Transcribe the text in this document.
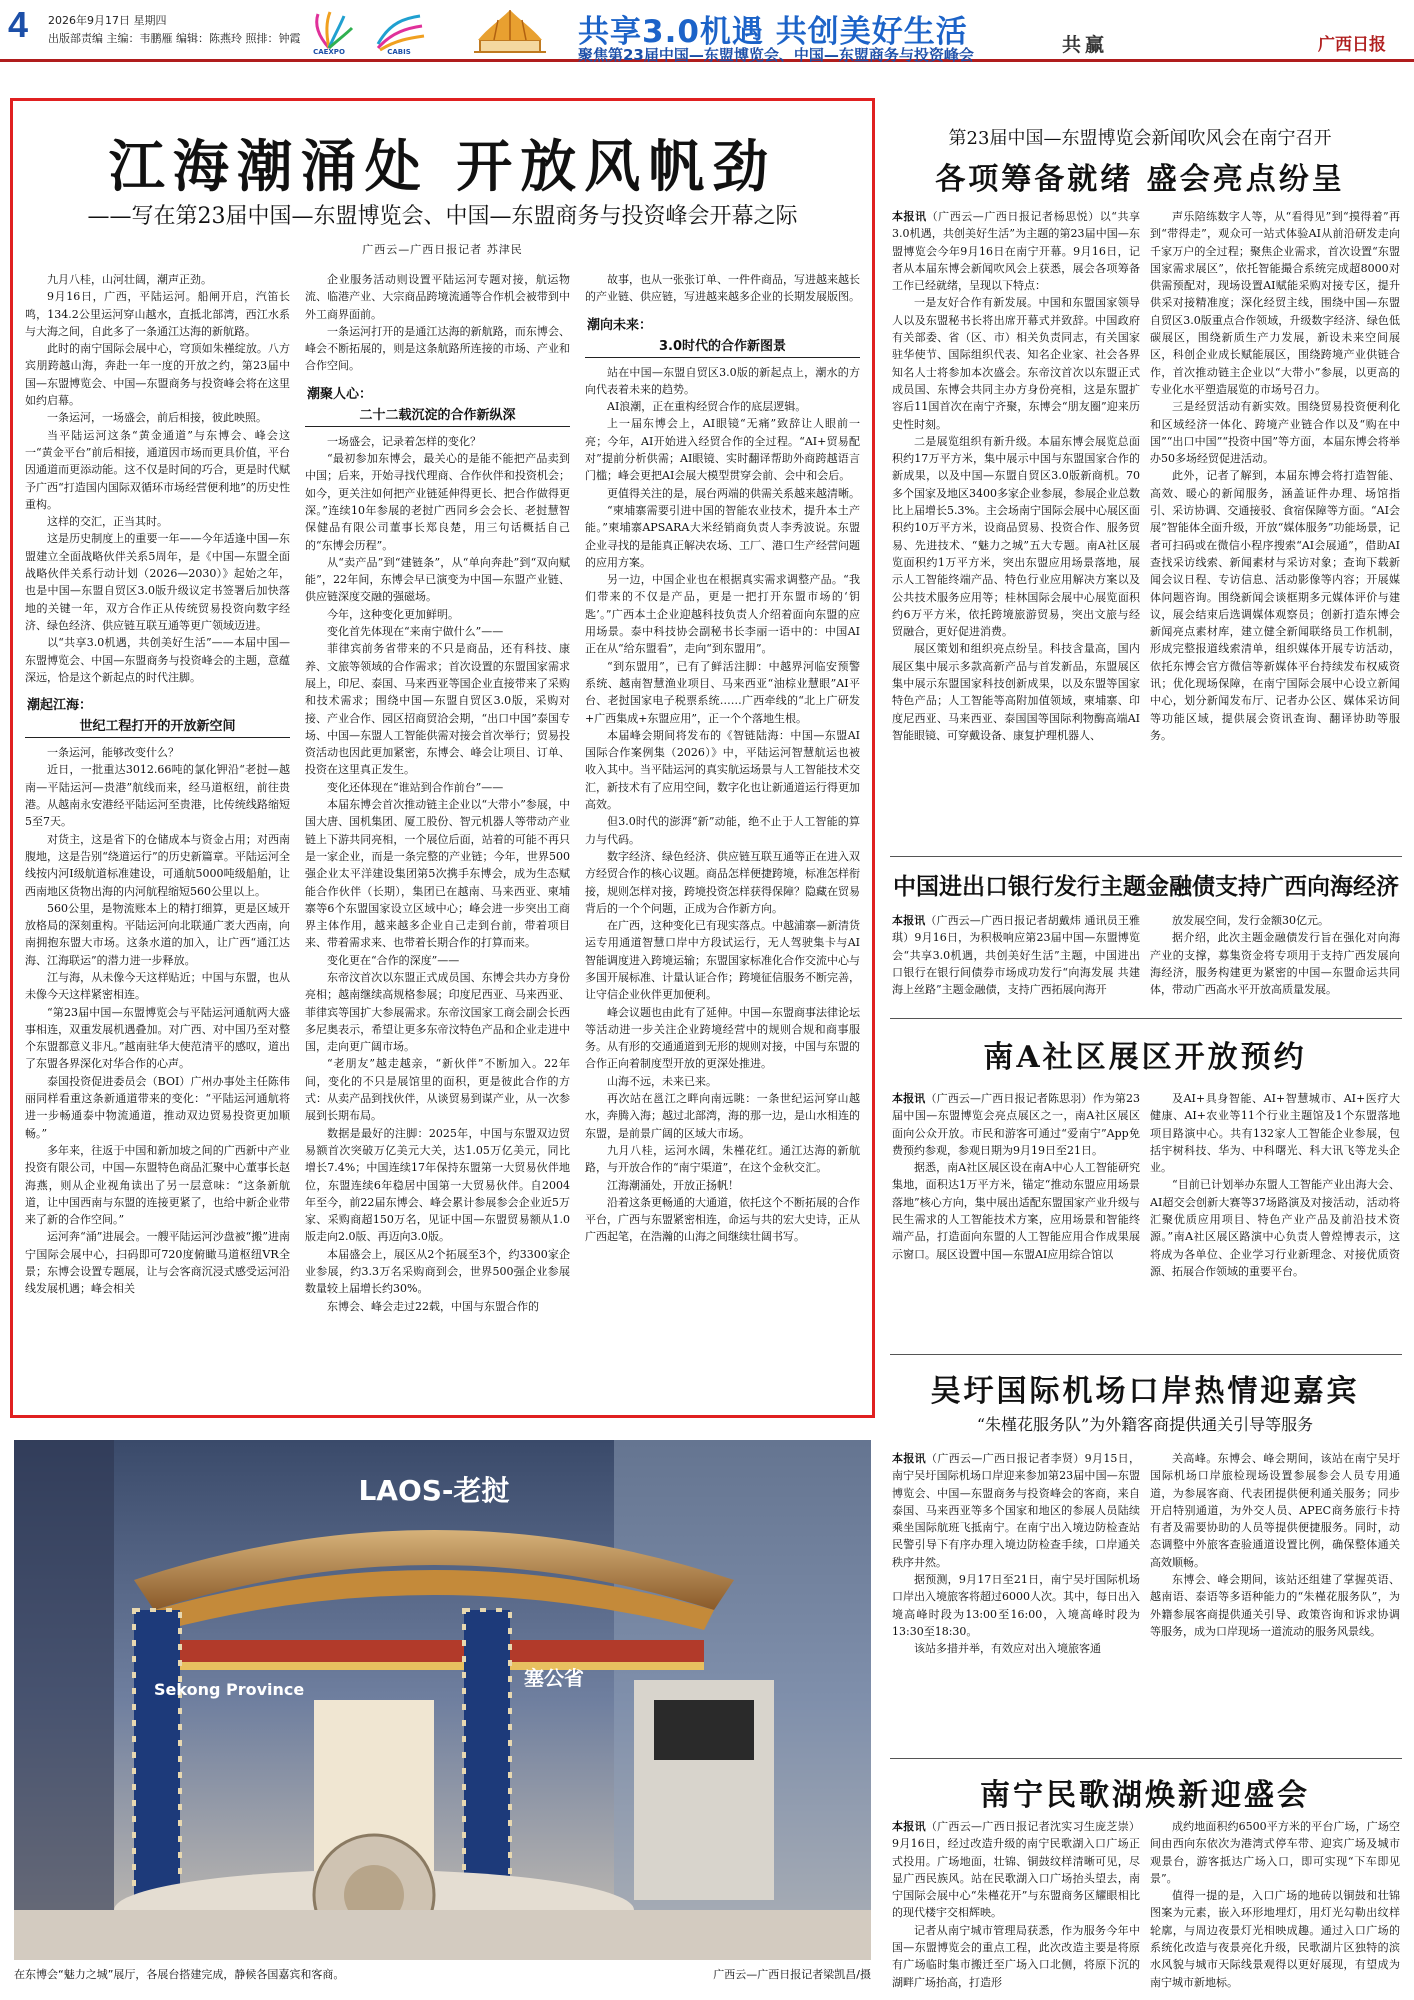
4 2026年9月17日 星期四
出版部责编 主编：韦鹏雁 编辑：陈燕玲 照排：钟霞
CAEXPO	CABIS
共享3.0机遇 共创美好生活
聚焦第23届中国—东盟博览会、中国—东盟商务与投资峰会	共赢	广西日报
江海潮涌处 开放风帆劲
——写在第23届中国—东盟博览会、中国—东盟商务与投资峰会开幕之际
广西云—广西日报记者 苏津民

九月八桂，山河壮阔，潮声正劲。

9月16日，广西，平陆运河。船闸开启，汽笛长鸣，134.2公里运河穿山越水，直抵北部湾，西江水系与大海之间，自此多了一条通江达海的新航路。

此时的南宁国际会展中心，穹顶如朱槿绽放。八方宾朋跨越山海，奔赴一年一度的开放之约，第23届中国—东盟博览会、中国—东盟商务与投资峰会将在这里如约启幕。

一条运河，一场盛会，前后相接，彼此映照。

当平陆运河这条“黄金通道”与东博会、峰会这一“黄金平台”前后相接，通道因市场而更具价值，平台因通道而更添动能。这不仅是时间的巧合，更是时代赋予广西“打造国内国际双循环市场经营便利地”的历史性重构。

这样的交汇，正当其时。

这是历史制度上的重要一年——今年适逢中国—东盟建立全面战略伙伴关系5周年，是《中国—东盟全面战略伙伴关系行动计划（2026—2030）》起始之年，也是中国—东盟自贸区3.0版升级议定书签署后加快落地的关键一年，双方合作正从传统贸易投资向数字经济、绿色经济、供应链互联互通等更广领域迈进。

以“共享3.0机遇，共创美好生活”——本届中国—东盟博览会、中国—东盟商务与投资峰会的主题，意蕴深远，恰是这个新起点的时代注脚。

潮起江海：
世纪工程打开的开放新空间

一条运河，能够改变什么？

近日，一批重达3012.66吨的氯化钾沿“老挝—越南—平陆运河—贵港”航线而来，经马道枢纽，前往贵港。从越南永安港经平陆运河至贵港，比传统线路缩短5至7天。

对货主，这是省下的仓储成本与资金占用；对西南腹地，这是告别“绕道运行”的历史新篇章。平陆运河全线按内河Ⅰ级航道标准建设，可通航5000吨级船舶，让西南地区货物出海的内河航程缩短560公里以上。

560公里，是物流账本上的精打细算，更是区域开放格局的深刻重构。平陆运河向北联通广袤大西南，向南拥抱东盟大市场。这条水道的加入，让广西“通江达海、江海联运”的潜力进一步释放。

江与海，从未像今天这样贴近；中国与东盟，也从未像今天这样紧密相连。

“第23届中国—东盟博览会与平陆运河通航两大盛事相连，双重发展机遇叠加。对广西、对中国乃至对整个东盟都意义非凡。”越南驻华大使范清平的感叹，道出了东盟各界深化对华合作的心声。

泰国投资促进委员会（BOI）广州办事处主任陈伟丽同样看重这条新通道带来的变化：“平陆运河通航将进一步畅通泰中物流通道，推动双边贸易投资更加顺畅。”

多年来，往返于中国和新加坡之间的广西新中产业投资有限公司，中国—东盟特色商品汇聚中心董事长赵海燕，则从企业视角读出了另一层意味：“这条新航道，让中国西南与东盟的连接更紧了，也给中新企业带来了新的合作空间。”

运河奔“涌”进展会。一艘平陆运河沙盘被“搬”进南宁国际会展中心，扫码即可720度俯瞰马道枢纽VR全景；东博会设置专题展，让与会客商沉浸式感受运河沿线发展机遇；峰会相关

企业服务活动则设置平陆运河专题对接，航运物流、临港产业、大宗商品跨境流通等合作机会被带到中外工商界面前。

一条运河打开的是通江达海的新航路，而东博会、峰会不断拓展的，则是这条航路所连接的市场、产业和合作空间。

潮聚人心：
二十二载沉淀的合作新纵深

一场盛会，记录着怎样的变化？

“最初参加东博会，最关心的是能不能把产品卖到中国；后来，开始寻找代理商、合作伙伴和投资机会；如今，更关注如何把产业链延伸得更长、把合作做得更深。”连续10年参展的老挝广西同乡会会长、老挝慧智保健品有限公司董事长郑良楚，用三句话概括自己的“东博会历程”。

从“卖产品”到“建链条”，从“单向奔赴”到“双向赋能”，22年间，东博会早已演变为中国—东盟产业链、供应链深度交融的强磁场。

今年，这种变化更加鲜明。

变化首先体现在“来南宁做什么”——

菲律宾前务省带来的不只是商品，还有科技、康养、文旅等领域的合作需求；首次设置的东盟国家需求展上，印尼、泰国、马来西亚等国企业直接带来了采购和技术需求；围绕中国—东盟自贸区3.0版，采购对接、产业合作、园区招商贸洽会期，“出口中国”泰国专场、中国—东盟人工智能供需对接会首次举行；贸易投资活动也因此更加紧密，东博会、峰会让项目、订单、投资在这里真正发生。

变化还体现在“谁站到合作前台”——

本届东博会首次推动链主企业以“大带小”参展，中国大唐、国机集团、厦工股份、智元机器人等带动产业链上下游共同亮相，一个展位后面，站着的可能不再只是一家企业，而是一条完整的产业链；今年，世界500强企业太平洋建设集团第5次携手东博会，成为生态赋能合作伙伴（长期），集团已在越南、马来西亚、柬埔寨等6个东盟国家设立区域中心；峰会进一步突出工商界主体作用，越来越多企业自己走到台前，带着项目来、带着需求来、也带着长期合作的打算而来。

变化更在“合作的深度”——

东帝汶首次以东盟正式成员国、东博会共办方身份亮相；越南继续高规格参展；印度尼西亚、马来西亚、菲律宾等国扩大参展需求。东帝汶国家工商会副会长西多尼奥表示，希望让更多东帝汶特色产品和企业走进中国，走向更广阔市场。

“老朋友”越走越亲，“新伙伴”不断加入。22年间，变化的不只是展馆里的面积，更是彼此合作的方式：从卖产品到找伙伴，从谈贸易到谋产业，从一次参展到长期布局。

数据是最好的注脚：2025年，中国与东盟双边贸易额首次突破万亿美元大关，达1.05万亿美元，同比增长7.4%；中国连续17年保持东盟第一大贸易伙伴地位，东盟连续6年稳居中国第一大贸易伙伴。自2004年至今，前22届东博会、峰会累计参展参会企业近5万家、采购商超150万名，见证中国—东盟贸易额从1.0版走向2.0版、再迈向3.0版。

本届盛会上，展区从2个拓展至3个，约3300家企业参展，约3.3万名采购商到会，世界500强企业参展数量较上届增长约30%。

东博会、峰会走过22载，中国与东盟合作的

故事，也从一张张订单、一件件商品，写进越来越长的产业链、供应链，写进越来越多企业的长期发展版图。

潮向未来：
3.0时代的合作新图景

站在中国—东盟自贸区3.0版的新起点上，潮水的方向代表着未来的趋势。

AI浪潮，正在重构经贸合作的底层逻辑。

上一届东博会上，AI眼镜“无痛”致辞让人眼前一亮；今年，AI开始进入经贸合作的全过程。“AI+贸易配对”提前分析供需；AI眼镜、实时翻译帮助外商跨越语言门槛；峰会更把AI会展大模型贯穿会前、会中和会后。

更值得关注的是，展台两端的供需关系越来越清晰。

“柬埔寨需要引进中国的智能农业技术，提升本土产能。”柬埔寨APSARA大米经销商负责人李秀波说。东盟企业寻找的是能真正解决农场、工厂、港口生产经营问题的应用方案。

另一边，中国企业也在根据真实需求调整产品。“我们带来的不仅是产品，更是一把打开东盟市场的‘钥匙’。”广西本土企业迎越科技负责人介绍着面向东盟的应用场景。泰中科技协会副秘书长李丽一语中的：中国AI正在从“给东盟看”，走向“到东盟用”。

“到东盟用”，已有了鲜活注脚：中越界河临安预警系统、越南智慧渔业项目、马来西亚“油棕业慧眼”AI平台、老挝国家电子税票系统……广西牵线的“北上广研发+广西集成+东盟应用”，正一个个落地生根。

本届峰会期间将发布的《智链陆海：中国—东盟AI国际合作案例集（2026）》中，平陆运河智慧航运也被收入其中。当平陆运河的真实航运场景与人工智能技术交汇，新技术有了应用空间，数字化也让新通道运行得更加高效。

但3.0时代的澎湃“新”动能，绝不止于人工智能的算力与代码。

数字经济、绿色经济、供应链互联互通等正在进入双方经贸合作的核心议题。商品怎样便捷跨境，标准怎样衔接，规则怎样对接，跨境投资怎样获得保障？隐藏在贸易背后的一个个问题，正成为合作新方向。

在广西，这种变化已有现实落点。中越浦寨—新清货运专用通道智慧口岸中方段试运行，无人驾驶集卡与AI智能调度进入跨境运输；东盟国家标准化合作交流中心与多国开展标准、计量认证合作；跨境征信服务不断完善，让守信企业伙伴更加便利。

峰会议题也由此有了延伸。中国—东盟商事法律论坛等活动进一步关注企业跨境经营中的规则合规和商事服务。从有形的交通通道到无形的规则对接，中国与东盟的合作正向着制度型开放的更深处推进。

山海不远，未来已来。

再次站在邕江之畔向南远眺：一条世纪运河穿山越水，奔腾入海；越过北部湾，海的那一边，是山水相连的东盟，是前景广阔的区域大市场。

九月八桂，运河水阔，朱槿花红。通江达海的新航路，与开放合作的“南宁渠道”，在这个金秋交汇。

江海潮涌处，开放正扬帆！

沿着这条更畅通的大通道，依托这个不断拓展的合作平台，广西与东盟紧密相连，命运与共的宏大史诗，正从广西起笔，在浩瀚的山海之间继续壮阔书写。

第23届中国—东盟博览会新闻吹风会在南宁召开
各项筹备就绪 盛会亮点纷呈

本报讯（广西云—广西日报记者杨思悦）以“共享3.0机遇，共创美好生活”为主题的第23届中国—东盟博览会今年9月16日在南宁开幕。9月16日，记者从本届东博会新闻吹风会上获悉，展会各项筹备工作已经就绪，呈现以下特点：

一是友好合作有新发展。中国和东盟国家领导人以及东盟秘书长将出席开幕式并致辞。中国政府有关部委、省（区、市）相关负责同志，有关国家驻华使节、国际组织代表、知名企业家、社会各界知名人士将参加本次盛会。东帝汶首次以东盟正式成员国、东博会共同主办方身份亮相，这是东盟扩容后11国首次在南宁齐聚，东博会“朋友圈”迎来历史性时刻。

二是展览组织有新升级。本届东博会展览总面积约17万平方米，集中展示中国与东盟国家合作的新成果，以及中国—东盟自贸区3.0版新商机。70多个国家及地区3400多家企业参展，参展企业总数比上届增长5.3%。主会场南宁国际会展中心展区面积约10万平方米，设商品贸易、投资合作、服务贸易、先进技术、“魅力之城”五大专题。南A社区展览面积约1万平方米，突出东盟应用场景落地，展示人工智能终端产品、特色行业应用解决方案以及公共技术服务应用等；桂林国际会展中心展览面积约6万平方米，依托跨境旅游贸易，突出文旅与经贸融合，更好促进消费。

展区策划和组织亮点纷呈。科技含量高，国内展区集中展示多款高新产品与首发新品，东盟展区集中展示东盟国家科技创新成果，以及东盟等国家特色产品；人工智能等高附加值领域，柬埔寨、印度尼西亚、马来西亚、泰国国等国际利物酶高端AI智能眼镜、可穿戴设备、康复护理机器人、

声乐陪练数字人等，从“看得见”到“摸得着”再到“带得走”，观众可一站式体验AI从前沿研发走向千家万户的全过程；聚焦企业需求，首次设置“东盟国家需求展区”，依托智能撮合系统完成超8000对供需预配对，现场设置AI赋能采购对接专区，提升供采对接精准度；深化经贸主线，围绕中国—东盟自贸区3.0版重点合作领域，升级数字经济、绿色低碳展区，围绕新质生产力发展，新设未来空间展区，科创企业成长赋能展区，围绕跨境产业供链合作，首次推动链主企业以“大带小”参展，以更高的专业化水平塑造展览的市场号召力。

三是经贸活动有新实效。围绕贸易投资便利化和区域经济一体化、跨境产业链合作以及“购在中国”“出口中国”“投资中国”等方面，本届东博会将举办50多场经贸促进活动。

此外，记者了解到，本届东博会将打造智能、高效、暖心的新闻服务，涵盖证件办理、场馆指引、采访协调、交通接驳、食宿保障等方面。“AI会展”智能体全面升级，开放“媒体服务”功能场景，记者可扫码或在微信小程序搜索“AI会展通”，借助AI查找采访线索、新闻素材与采访对象；查询下载新闻会议日程、专访信息、活动影像等内容；开展媒体问题咨询。围绕新闻会谈框期多元媒体评价与建议，展会结束后选调媒体观察员；创新打造东博会新闻亮点素材库，建立健全新闻联络员工作机制，形成完整报道线索清单，组织媒体开展专访活动，依托东博会官方微信等新媒体平台持续发布权威资讯；优化现场保障，在南宁国际会展中心设立新闻中心，划分新闻发布厅、记者办公区、媒体采访间等功能区域，提供展会资讯查询、翻译协助等服务。

中国进出口银行发行主题金融债支持广西向海经济

本报讯（广西云—广西日报记者胡戴炜 通讯员王雅琪）9月16日，为积极响应第23届中国—东盟博览会“共享3.0机遇，共创美好生活”主题，中国进出口银行在银行间债券市场成功发行“向海发展 共建海上丝路”主题金融债，支持广西拓展向海开

放发展空间，发行金额30亿元。

据介绍，此次主题金融债发行旨在强化对向海产业的支撑，募集资金将专项用于支持广西发展向海经济，服务构建更为紧密的中国—东盟命运共同体，带动广西高水平开放高质量发展。

南A社区展区开放预约

本报讯（广西云—广西日报记者陈思羽）作为第23届中国—东盟博览会亮点展区之一，南A社区展区面向公众开放。市民和游客可通过“爱南宁”App免费预约参观，参观日期为9月19日至21日。

据悉，南A社区展区设在南A中心人工智能研究集地，面积达1万平方米，锚定“推动东盟应用场景落地”核心方向，集中展出适配东盟国家产业升级与民生需求的人工智能技术方案，应用场景和智能终端产品，打造面向东盟的人工智能应用合作成果展示窗口。展区设置中国—东盟AI应用综合馆以

及AI+具身智能、AI+智慧城市、AI+医疗大健康、AI+农业等11个行业主题馆及1个东盟落地项目路演中心。共有132家人工智能企业参展，包括宇树科技、华为、中科曙光、科大讯飞等龙头企业。

“目前已计划举办东盟人工智能产业出海大会、AI超交会创新大赛等37场路演及对接活动，活动将汇聚优质应用项目、特色产业产品及前沿技术资源。”南A社区展区路演中心负责人曾煌博表示，这将成为各单位、企业学习行业新理念、对接优质资源、拓展合作领域的重要平台。

吴圩国际机场口岸热情迎嘉宾
“朱槿花服务队”为外籍客商提供通关引导等服务

本报讯（广西云—广西日报记者李贤）9月15日，南宁吴圩国际机场口岸迎来参加第23届中国—东盟博览会、中国—东盟商务与投资峰会的客商，来自泰国、马来西亚等多个国家和地区的参展人员陆续乘坐国际航班飞抵南宁。在南宁出入境边防检查站民警引导下有序办理入境边防检查手续，口岸通关秩序井然。

据预测，9月17日至21日，南宁吴圩国际机场口岸出入境旅客将超过6000人次。其中，每日出入境高峰时段为13:00至16:00，入境高峰时段为13:30至18:30。

该站多措并举，有效应对出入境旅客通

关高峰。东博会、峰会期间，该站在南宁吴圩国际机场口岸旅检现场设置参展参会人员专用通道，为参展客商、代表团提供便利通关服务；同步开启特别通道，为外交人员、APEC商务旅行卡持有者及需要协助的人员等提供便捷服务。同时，动态调整中外旅客查验通道设置比例，确保整体通关高效顺畅。

东博会、峰会期间，该站还组建了掌握英语、越南语、泰语等多语种能力的“朱槿花服务队”，为外籍参展客商提供通关引导、政策咨询和诉求协调等服务，成为口岸现场一道流动的服务风景线。

南宁民歌湖焕新迎盛会

本报讯（广西云—广西日报记者沈实习生庞芝崇）9月16日，经过改造升级的南宁民歌湖入口广场正式投用。广场地面，壮锦、铜鼓纹样清晰可见，尽显广西民族风。站在民歌湖入口广场抬头望去，南宁国际会展中心“朱槿花开”与东盟商务区耀眼相比的现代楼宇交相辉映。

记者从南宁城市管理局获悉，作为服务今年中国—东盟博览会的重点工程，此次改造主要是将原有广场临时集市搬迁至广场入口北侧，将原下沉的湖畔广场抬高，打造形

成约地面积约6500平方米的平台广场，广场空间由西向东依次为港湾式停车带、迎宾广场及城市观景台，游客抵达广场入口，即可实现“下车即见景”。

值得一提的是，入口广场的地砖以铜鼓和壮锦图案为元素，嵌入环形地埋灯，用灯光勾勒出纹样轮廓，与周边夜景灯光相映成趣。通过入口广场的系统化改造与夜景亮化升级，民歌湖片区独特的滨水风貌与城市天际线景观得以更好展现，有望成为南宁城市新地标。

LAOS-老挝
Sekong Province	塞公省
在东博会“魅力之城”展厅，各展台搭建完成，静候各国嘉宾和客商。	广西云—广西日报记者梁凯昌/摄
